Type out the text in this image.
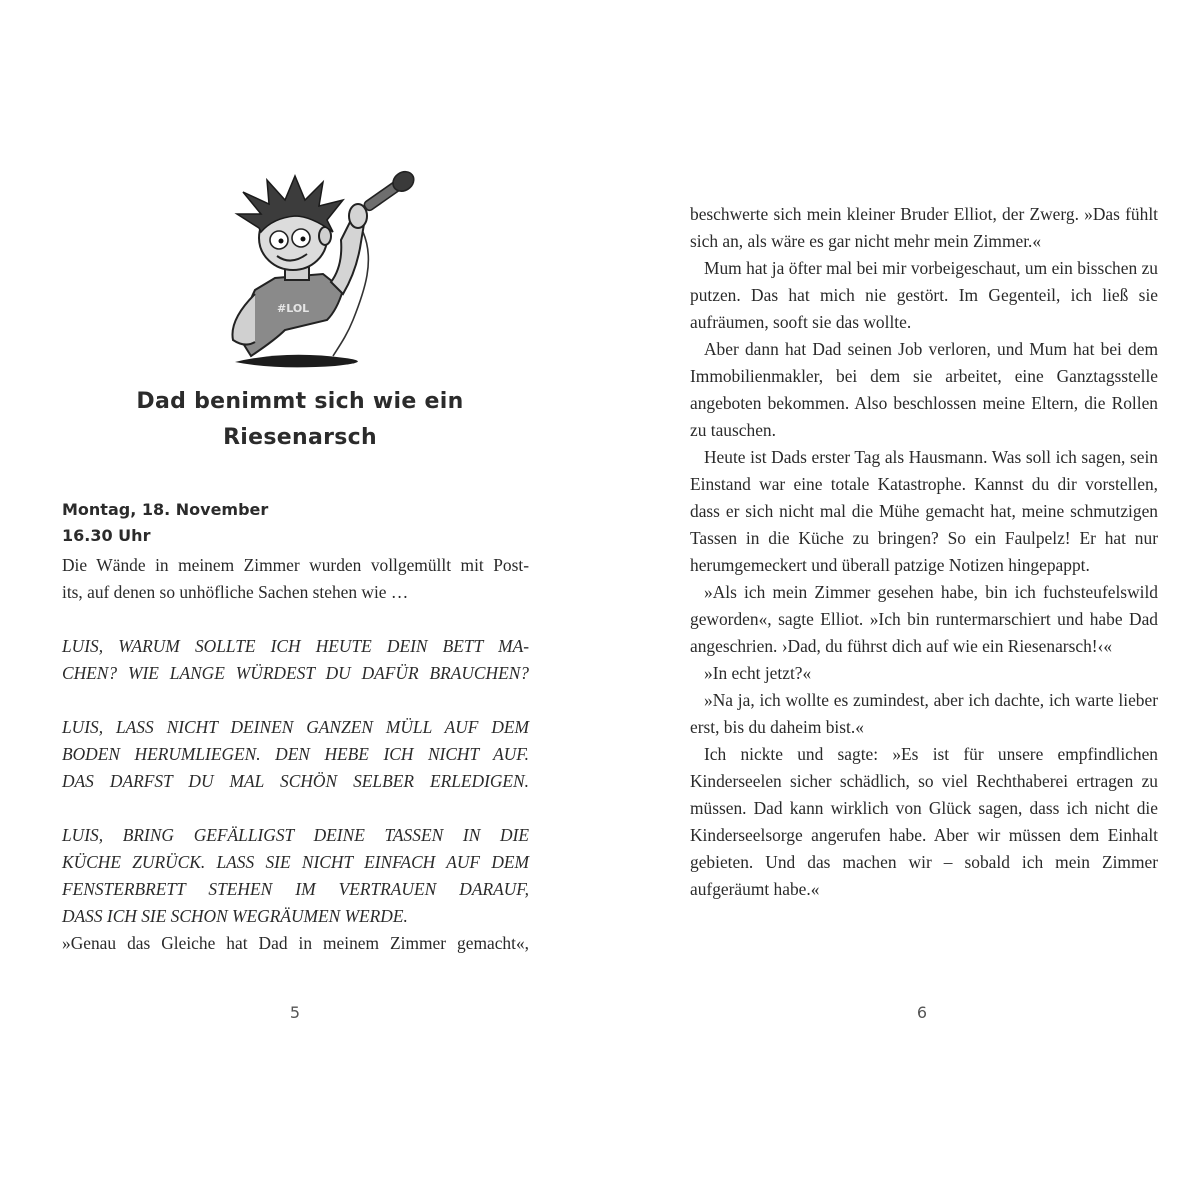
#LOL
Dad benimmt sich wie ein Riesenarsch
Montag, 18. November
16.30 Uhr

Die Wände in meinem Zimmer wurden vollgemüllt mit Post-

its, auf denen so unhöfliche Sachen stehen wie …

LUIS, WARUM SOLLTE ICH HEUTE DEIN BETT MA-

CHEN? WIE LANGE WÜRDEST DU DAFÜR BRAUCHEN?

LUIS, LASS NICHT DEINEN GANZEN MÜLL AUF DEM

BODEN HERUMLIEGEN. DEN HEBE ICH NICHT AUF.

DAS DARFST DU MAL SCHÖN SELBER ERLEDIGEN.

LUIS, BRING GEFÄLLIGST DEINE TASSEN IN DIE

KÜCHE ZURÜCK. LASS SIE NICHT EINFACH AUF DEM

FENSTERBRETT STEHEN IM VERTRAUEN DARAUF,

DASS ICH SIE SCHON WEGRÄUMEN WERDE.

»Genau das Gleiche hat Dad in meinem Zimmer gemacht«,

5

beschwerte sich mein kleiner Bruder Elliot, der Zwerg. »Das fühlt sich an, als wäre es gar nicht mehr mein Zimmer.«

Mum hat ja öfter mal bei mir vorbeigeschaut, um ein bisschen zu putzen. Das hat mich nie gestört. Im Gegenteil, ich ließ sie aufräumen, sooft sie das wollte.

Aber dann hat Dad seinen Job verloren, und Mum hat bei dem Immobilienmakler, bei dem sie arbeitet, eine Ganztagsstelle angeboten bekommen. Also beschlossen meine Eltern, die Rollen zu tauschen.

Heute ist Dads erster Tag als Hausmann. Was soll ich sagen, sein Einstand war eine totale Katastrophe. Kannst du dir vorstellen, dass er sich nicht mal die Mühe gemacht hat, meine schmutzigen Tassen in die Küche zu bringen? So ein Faulpelz! Er hat nur herumgemeckert und überall patzige Notizen hingepappt.

»Als ich mein Zimmer gesehen habe, bin ich fuchsteufelswild geworden«, sagte Elliot. »Ich bin runtermarschiert und habe Dad angeschrien. ›Dad, du führst dich auf wie ein Riesenarsch!‹«

»In echt jetzt?«

»Na ja, ich wollte es zumindest, aber ich dachte, ich warte lieber erst, bis du daheim bist.«

Ich nickte und sagte: »Es ist für unsere empfindlichen Kinderseelen sicher schädlich, so viel Rechthaberei ertragen zu müssen. Dad kann wirklich von Glück sagen, dass ich nicht die Kinderseelsorge angerufen habe. Aber wir müssen dem Einhalt gebieten. Und das machen wir – sobald ich mein Zimmer aufgeräumt habe.«

6
